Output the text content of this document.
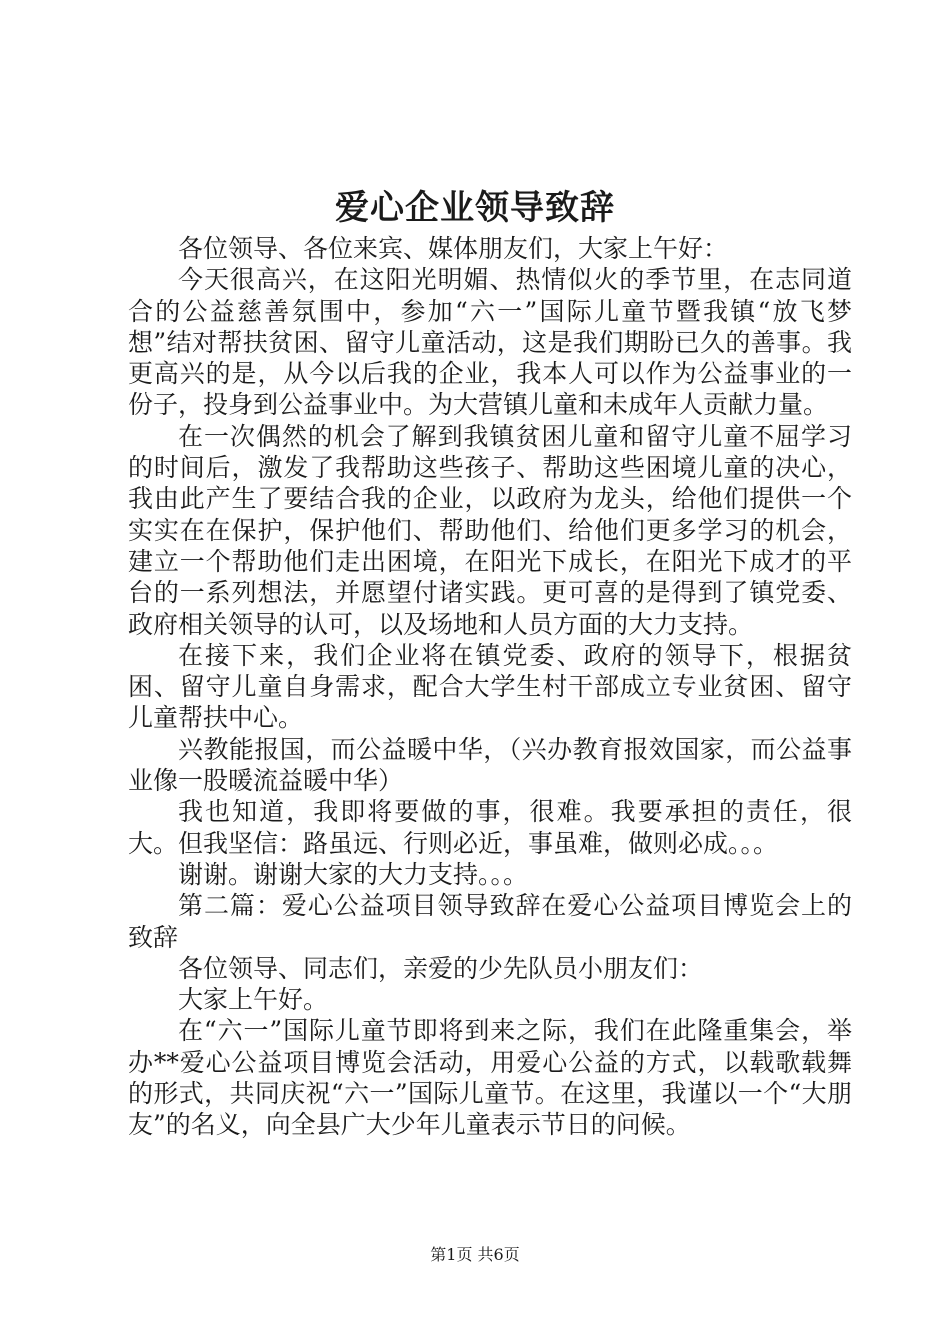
爱心企业领导致辞

各位领导、各位来宾、媒体朋友们，大家上午好：

今天很高兴，在这阳光明媚、热情似火的季节里，在志同道合的公益慈善氛围中，参加“六一”国际儿童节暨我镇“放飞梦想”结对帮扶贫困、留守儿童活动，这是我们期盼已久的善事。我更高兴的是，从今以后我的企业，我本人可以作为公益事业的一份子，投身到公益事业中。为大营镇儿童和未成年人贡献力量。

在一次偶然的机会了解到我镇贫困儿童和留守儿童不屈学习的时间后，激发了我帮助这些孩子、帮助这些困境儿童的决心，我由此产生了要结合我的企业，以政府为龙头，给他们提供一个实实在在保护，保护他们、帮助他们、给他们更多学习的机会，建立一个帮助他们走出困境，在阳光下成长，在阳光下成才的平台的一系列想法，并愿望付诸实践。更可喜的是得到了镇党委、政府相关领导的认可，以及场地和人员方面的大力支持。

在接下来，我们企业将在镇党委、政府的领导下，根据贫困、留守儿童自身需求，配合大学生村干部成立专业贫困、留守儿童帮扶中心。

兴教能报国，而公益暖中华，（兴办教育报效国家，而公益事业像一股暖流益暖中华）

我也知道，我即将要做的事，很难。我要承担的责任，很大。但我坚信：路虽远、行则必近，事虽难，做则必成。。。

谢谢。谢谢大家的大力支持。。。

第二篇：爱心公益项目领导致辞在爱心公益项目博览会上的致辞

各位领导、同志们，亲爱的少先队员小朋友们：

大家上午好。

在“六一”国际儿童节即将到来之际，我们在此隆重集会，举办**爱心公益项目博览会活动，用爱心公益的方式，以载歌载舞的形式，共同庆祝“六一”国际儿童节。在这里，我谨以一个“大朋友”的名义，向全县广大少年儿童表示节日的问候。

第1页 共6页
